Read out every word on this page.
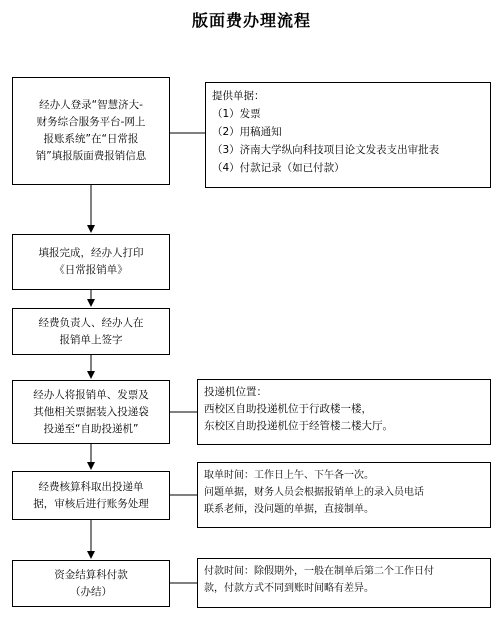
版面费办理流程
经办人登录“智慧济大-
财务综合服务平台-网上
报账系统”在“日常报
销”填报版面费报销信息
填报完成，经办人打印
《日常报销单》
经费负责人、经办人在
报销单上签字
经办人将报销单、发票及
其他相关票据装入投递袋
投递至“自助投递机”
经费核算科取出投递单
据，审核后进行账务处理
资金结算科付款
（办结）
提供单据：
（1）发票
（2）用稿通知
（3）济南大学纵向科技项目论文发表支出审批表
（4）付款记录（如已付款）
投递机位置：
西校区自助投递机位于行政楼一楼，
东校区自助投递机位于经管楼二楼大厅。
取单时间：工作日上午、下午各一次。
问题单据，财务人员会根据报销单上的录入员电话
联系老师，没问题的单据，直接制单。
付款时间：除假期外，一般在制单后第二个工作日付
款，付款方式不同到账时间略有差异。
